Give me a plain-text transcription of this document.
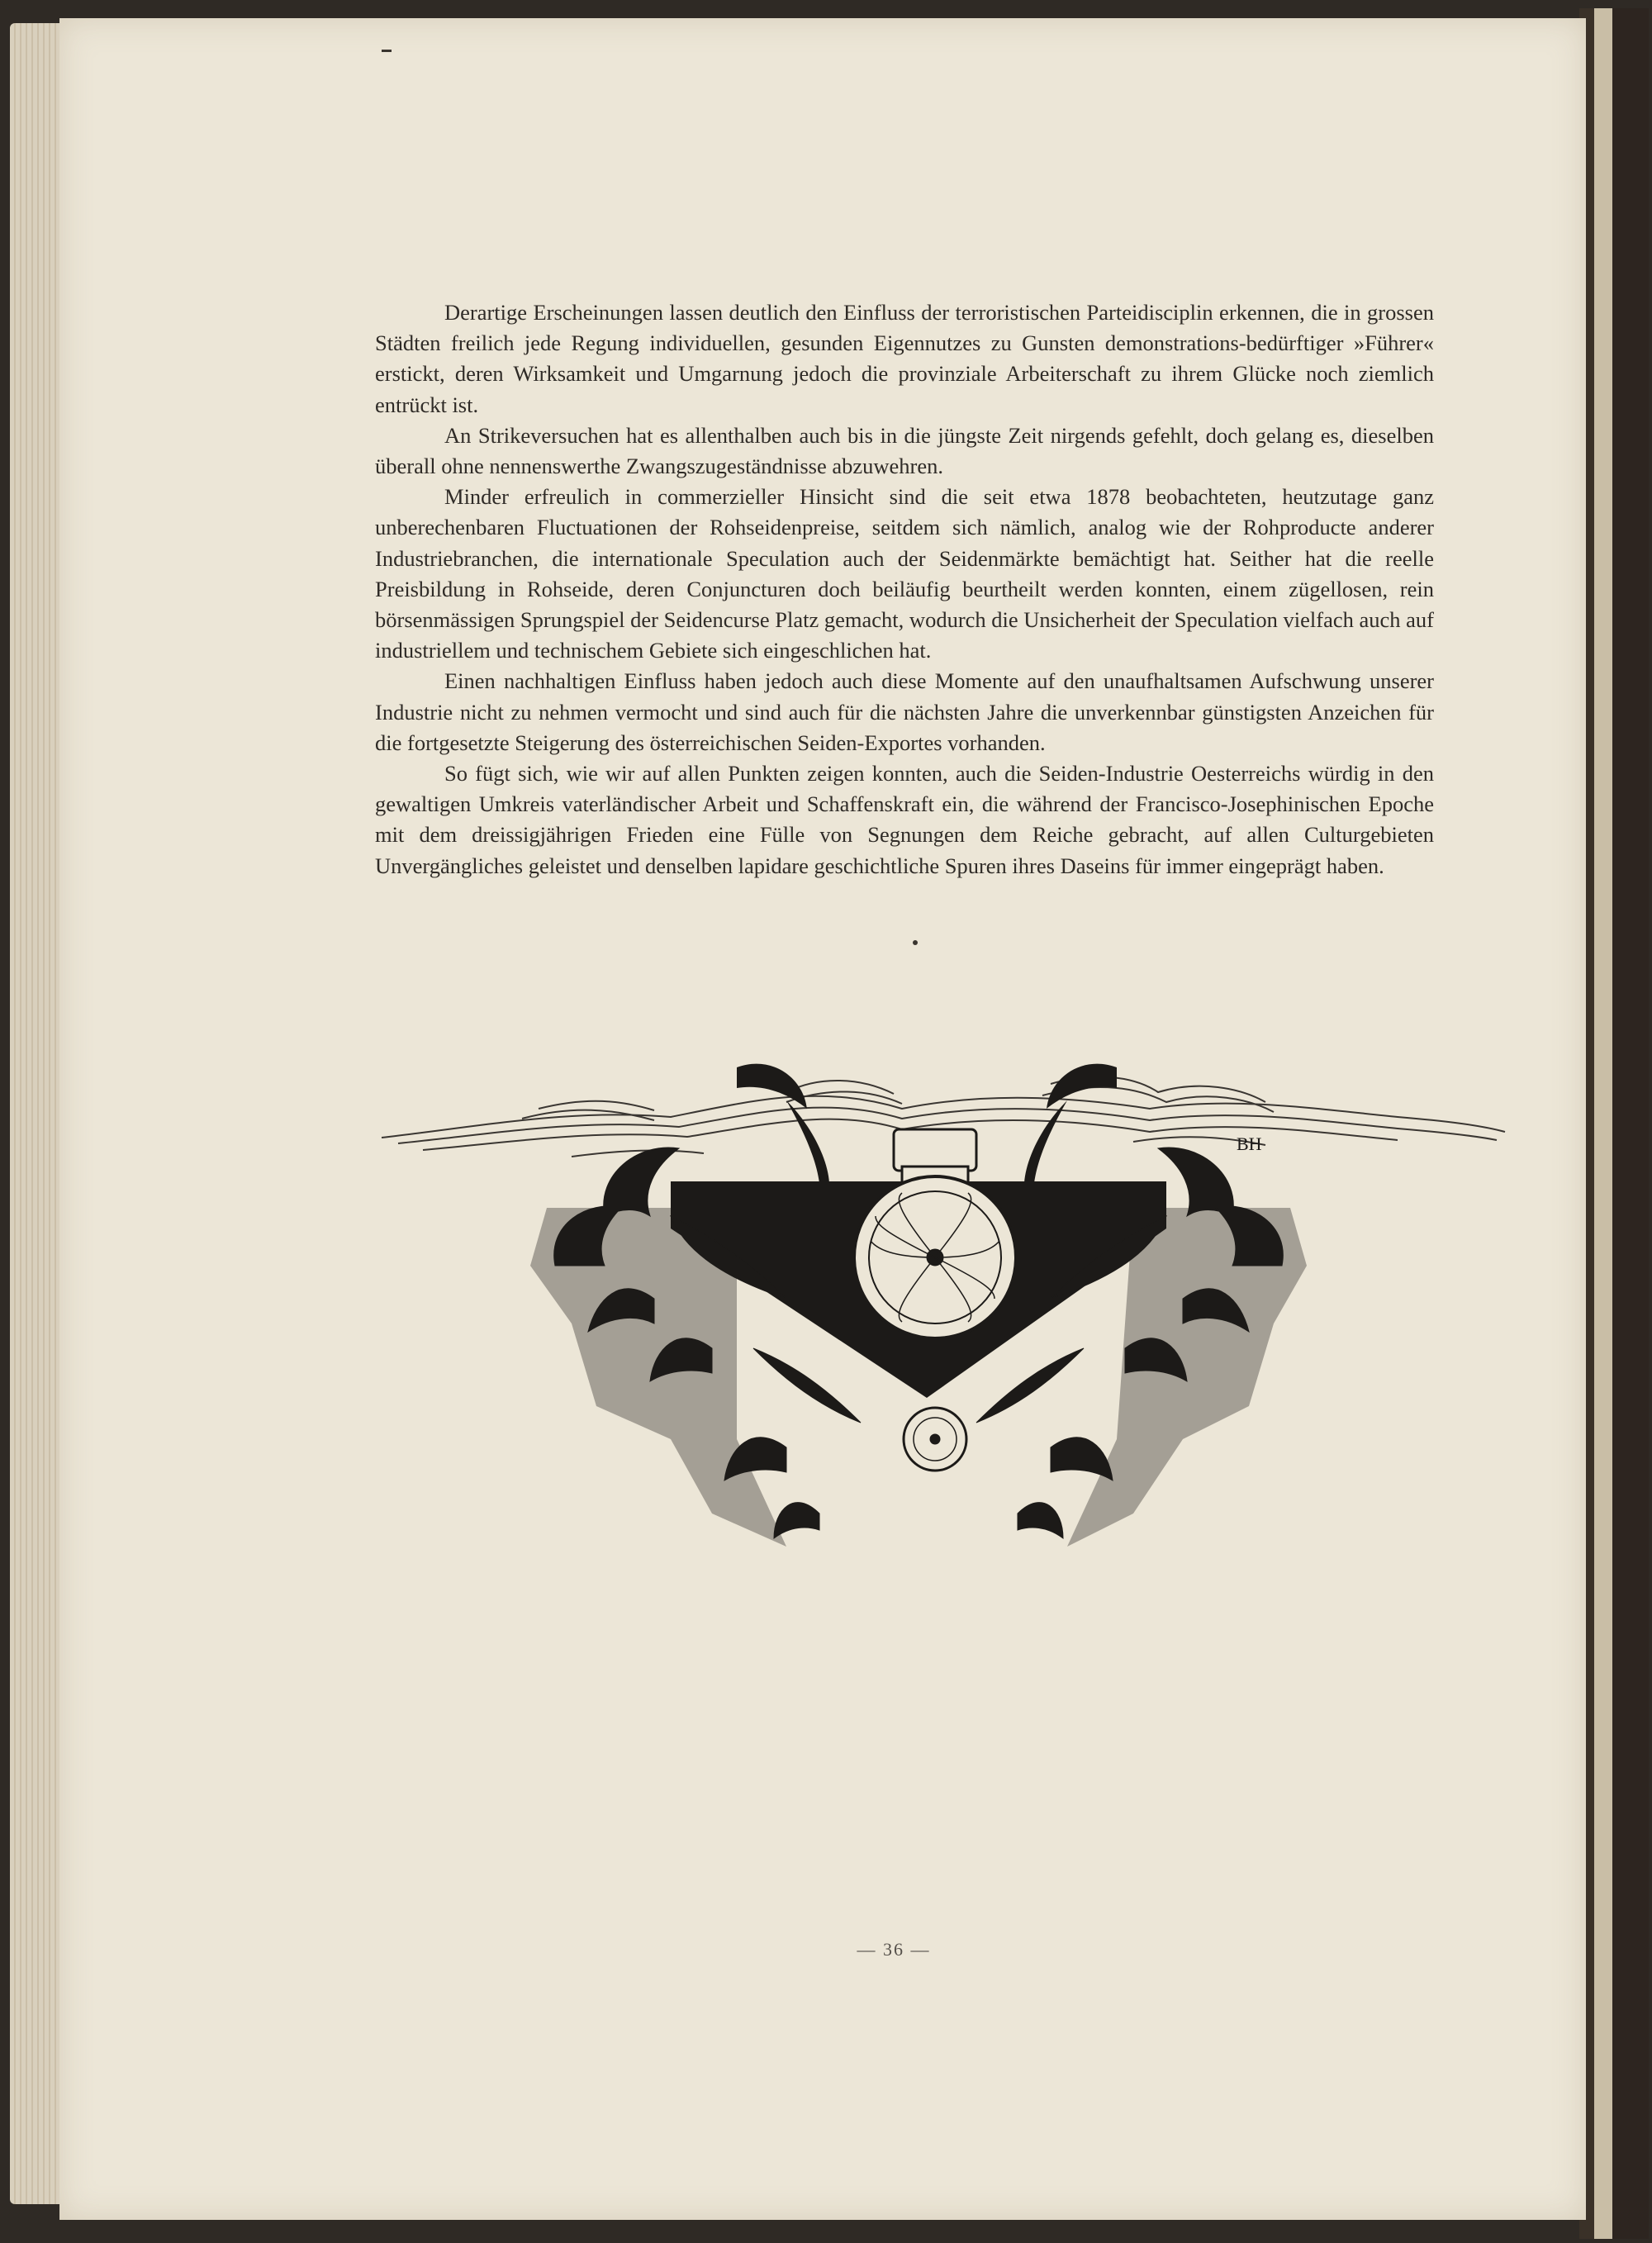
Derartige Erscheinungen lassen deutlich den Einfluss der terroristischen Parteidisciplin erkennen, die in grossen Städten freilich jede Regung individuellen, gesunden Eigennutzes zu Gunsten demonstrations-bedürftiger »Führer« erstickt, deren Wirksamkeit und Umgarnung jedoch die provinziale Arbeiterschaft zu ihrem Glücke noch ziemlich entrückt ist.

An Strikeversuchen hat es allenthalben auch bis in die jüngste Zeit nirgends gefehlt, doch gelang es, dieselben überall ohne nennenswerthe Zwangszugeständnisse abzuwehren.

Minder erfreulich in commerzieller Hinsicht sind die seit etwa 1878 beobachteten, heutzutage ganz unberechenbaren Fluctuationen der Rohseidenpreise, seitdem sich nämlich, analog wie der Rohproducte anderer Industriebranchen, die internationale Speculation auch der Seidenmärkte bemächtigt hat. Seither hat die reelle Preisbildung in Rohseide, deren Conjuncturen doch beiläufig beurtheilt werden konnten, einem zügellosen, rein börsenmässigen Sprungspiel der Seidencurse Platz gemacht, wodurch die Unsicherheit der Speculation vielfach auch auf industriellem und technischem Gebiete sich eingeschlichen hat.

Einen nachhaltigen Einfluss haben jedoch auch diese Momente auf den unaufhaltsamen Aufschwung unserer Industrie nicht zu nehmen vermocht und sind auch für die nächsten Jahre die unverkennbar günstigsten Anzeichen für die fortgesetzte Steigerung des österreichischen Seiden-Exportes vorhanden.

So fügt sich, wie wir auf allen Punkten zeigen konnten, auch die Seiden-Industrie Oesterreichs würdig in den gewaltigen Umkreis vaterländischer Arbeit und Schaffenskraft ein, die während der Francisco-Josephinischen Epoche mit dem dreissigjährigen Frieden eine Fülle von Segnungen dem Reiche gebracht, auf allen Culturgebieten Unvergängliches geleistet und denselben lapidare geschichtliche Spuren ihres Daseins für immer eingeprägt haben.

BH
— 36 —
